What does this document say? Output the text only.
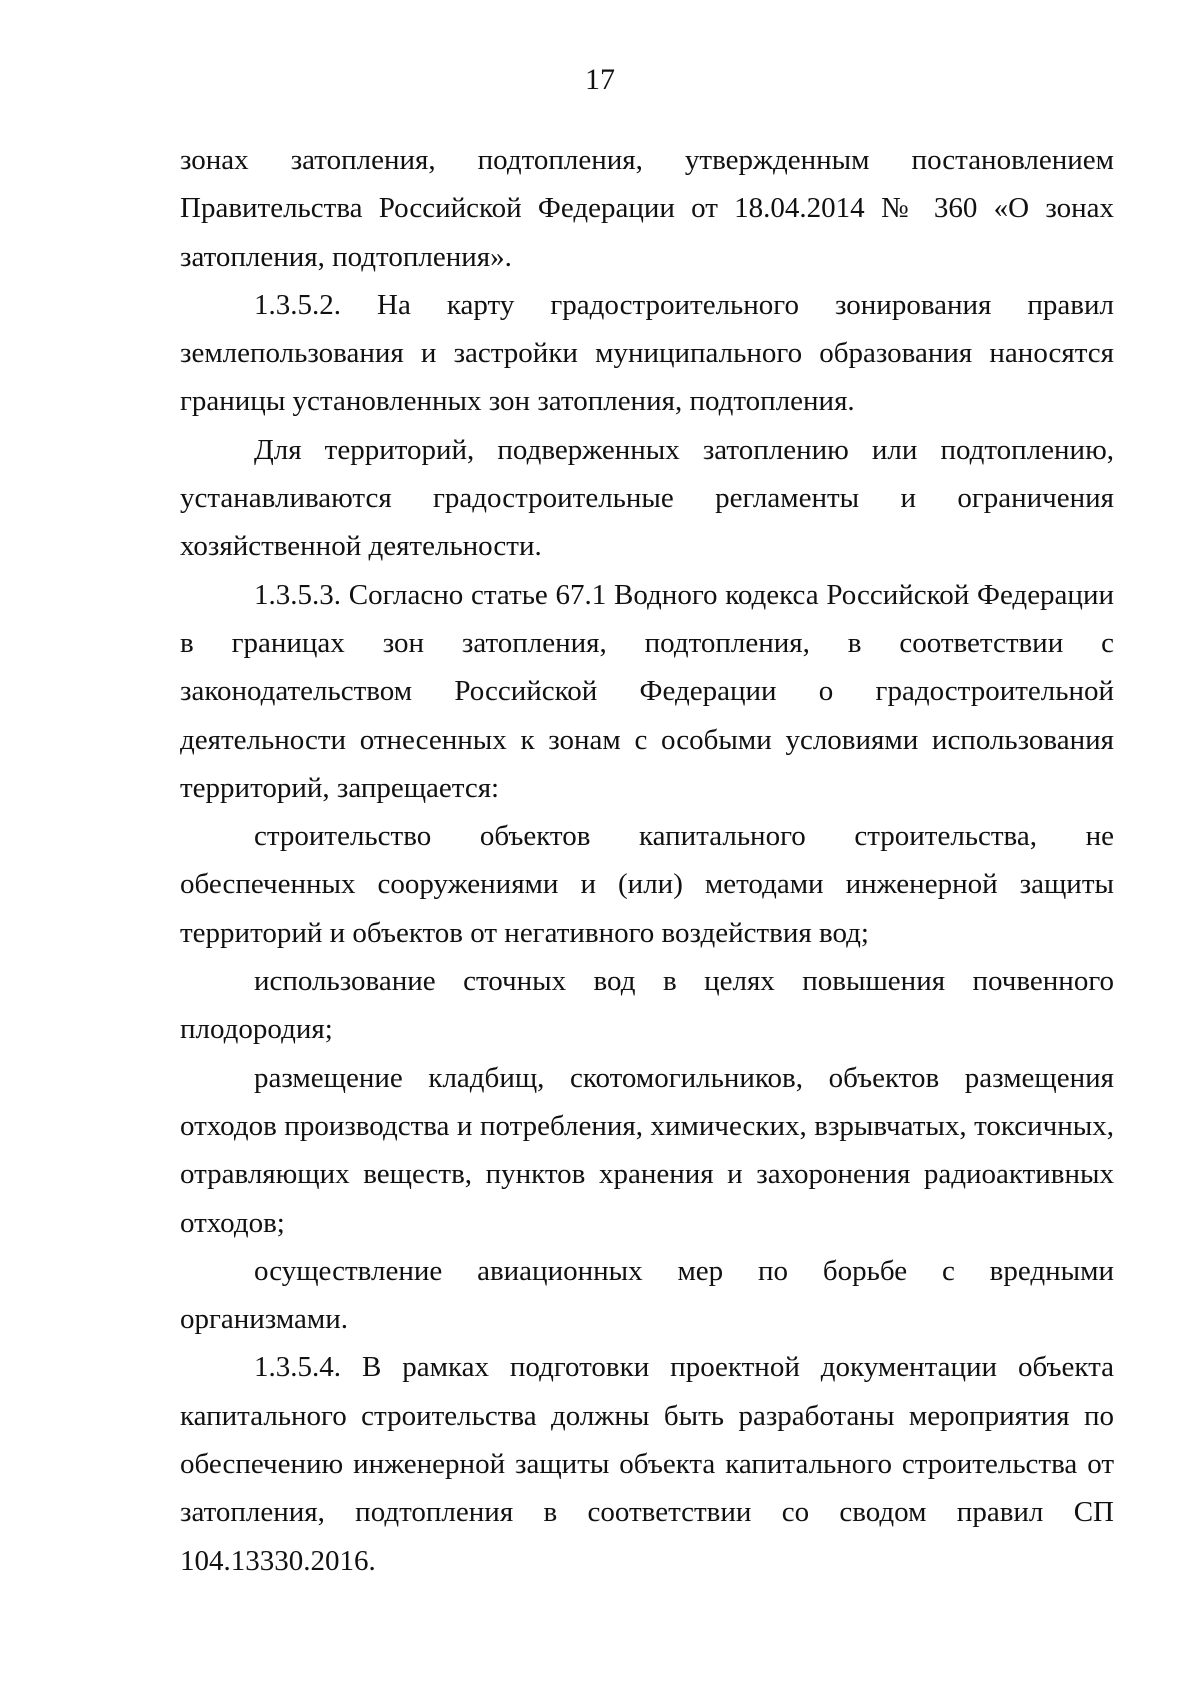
17

зонах затопления, подтопления, утвержденным постановлением Правительства Российской Федерации от 18.04.2014 № 360 «О зонах затопления, подтопления».

1.3.5.2. На карту градостроительного зонирования правил землепользования и застройки муниципального образования наносятся границы установленных зон затопления, подтопления.

Для территорий, подверженных затоплению или подтоплению, устанавливаются градостроительные регламенты и ограничения хозяйственной деятельности.

1.3.5.3. Согласно статье 67.1 Водного кодекса Российской Федерации в границах зон затопления, подтопления, в соответствии с законодательством Российской Федерации о градостроительной деятельности отнесенных к зонам с особыми условиями использования территорий, запрещается:

строительство объектов капитального строительства, не обеспеченных сооружениями и (или) методами инженерной защиты территорий и объектов от негативного воздействия вод;

использование сточных вод в целях повышения почвенного плодородия;

размещение кладбищ, скотомогильников, объектов размещения отходов производства и потребления, химических, взрывчатых, токсичных, отравляющих веществ, пунктов хранения и захоронения радиоактивных отходов;

осуществление авиационных мер по борьбе с вредными организмами.

1.3.5.4. В рамках подготовки проектной документации объекта капитального строительства должны быть разработаны мероприятия по обеспечению инженерной защиты объекта капитального строительства от затопления, подтопления в соответствии со сводом правил СП 104.13330.2016.
